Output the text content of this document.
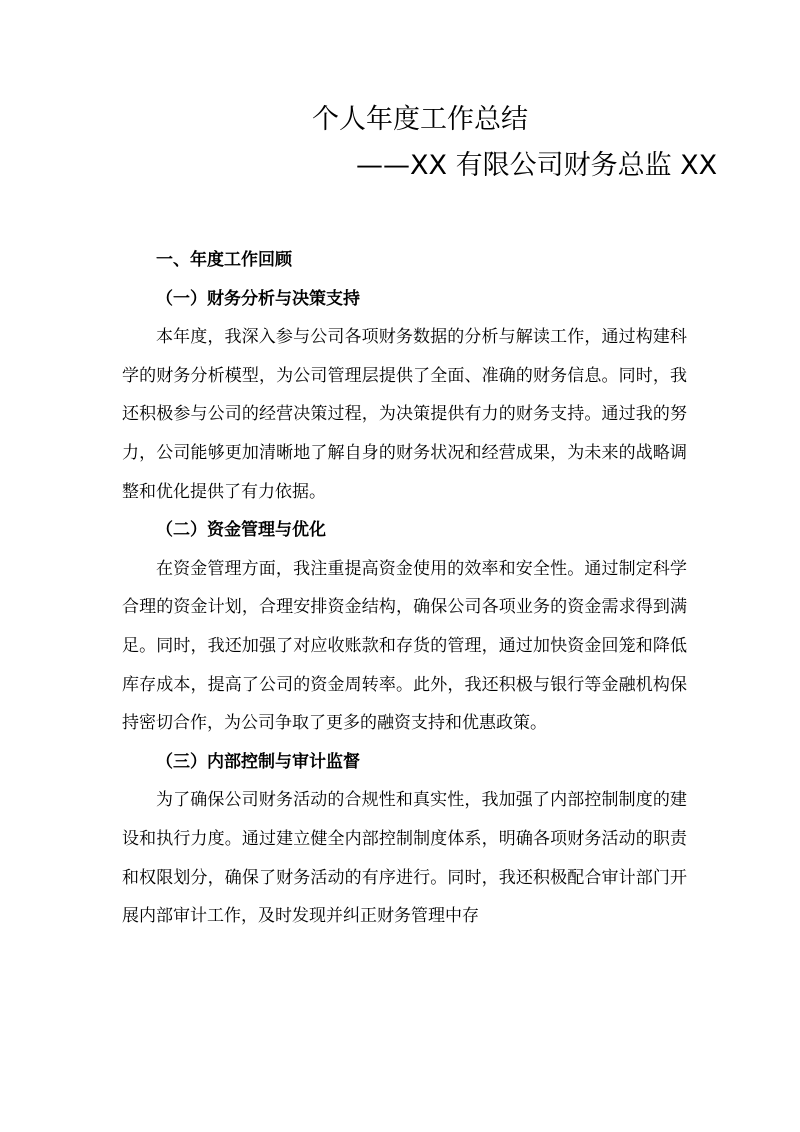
个人年度工作总结
——XX 有限公司财务总监 XX

一、年度工作回顾

（一）财务分析与决策支持

本年度，我深入参与公司各项财务数据的分析与解读工作，通过构建科学的财务分析模型，为公司管理层提供了全面、准确的财务信息。同时，我还积极参与公司的经营决策过程，为决策提供有力的财务支持。通过我的努力，公司能够更加清晰地了解自身的财务状况和经营成果，为未来的战略调整和优化提供了有力依据。

（二）资金管理与优化

在资金管理方面，我注重提高资金使用的效率和安全性。通过制定科学合理的资金计划，合理安排资金结构，确保公司各项业务的资金需求得到满足。同时，我还加强了对应收账款和存货的管理，通过加快资金回笼和降低库存成本，提高了公司的资金周转率。此外，我还积极与银行等金融机构保持密切合作，为公司争取了更多的融资支持和优惠政策。

（三）内部控制与审计监督

为了确保公司财务活动的合规性和真实性，我加强了内部控制制度的建设和执行力度。通过建立健全内部控制制度体系，明确各项财务活动的职责和权限划分，确保了财务活动的有序进行。同时，我还积极配合审计部门开展内部审计工作，及时发现并纠正财务管理中存
